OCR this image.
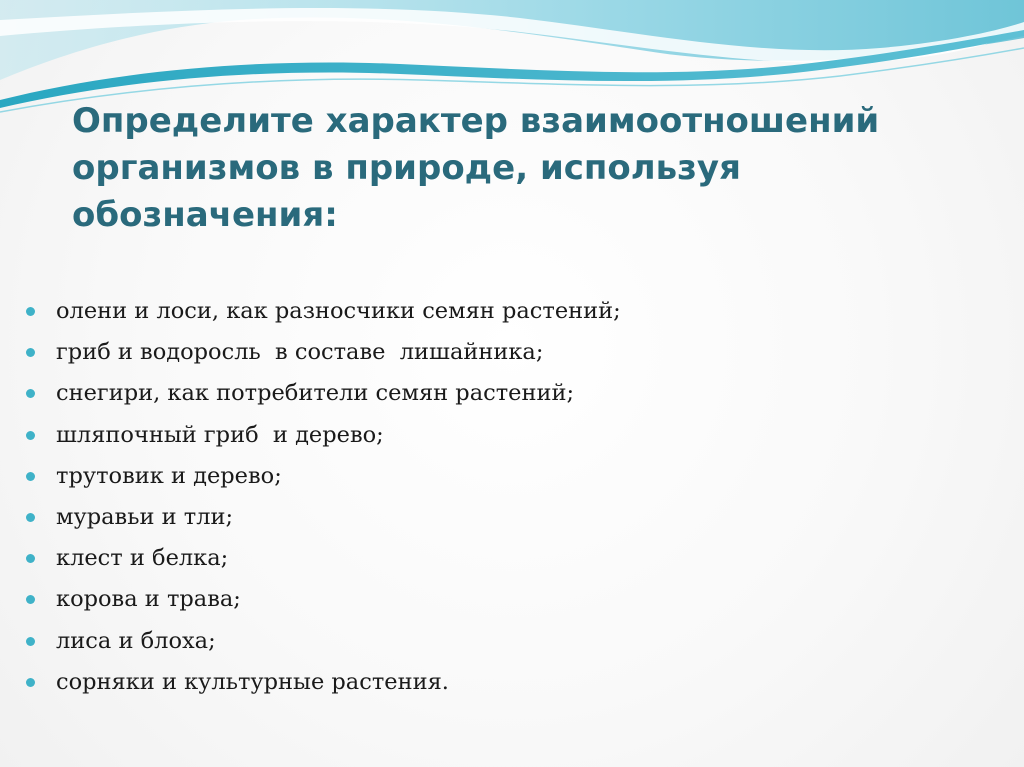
Определите характер взаимоотношений
организмов в природе, используя
обозначения:
олени и лоси, как разносчики семян растений;
гриб и водоросль  в составе  лишайника;
снегири, как потребители семян растений;
шляпочный гриб  и дерево;
трутовик и дерево;
муравьи и тли;
клест и белка;
корова и трава;
лиса и блоха;
сорняки и культурные растения.
